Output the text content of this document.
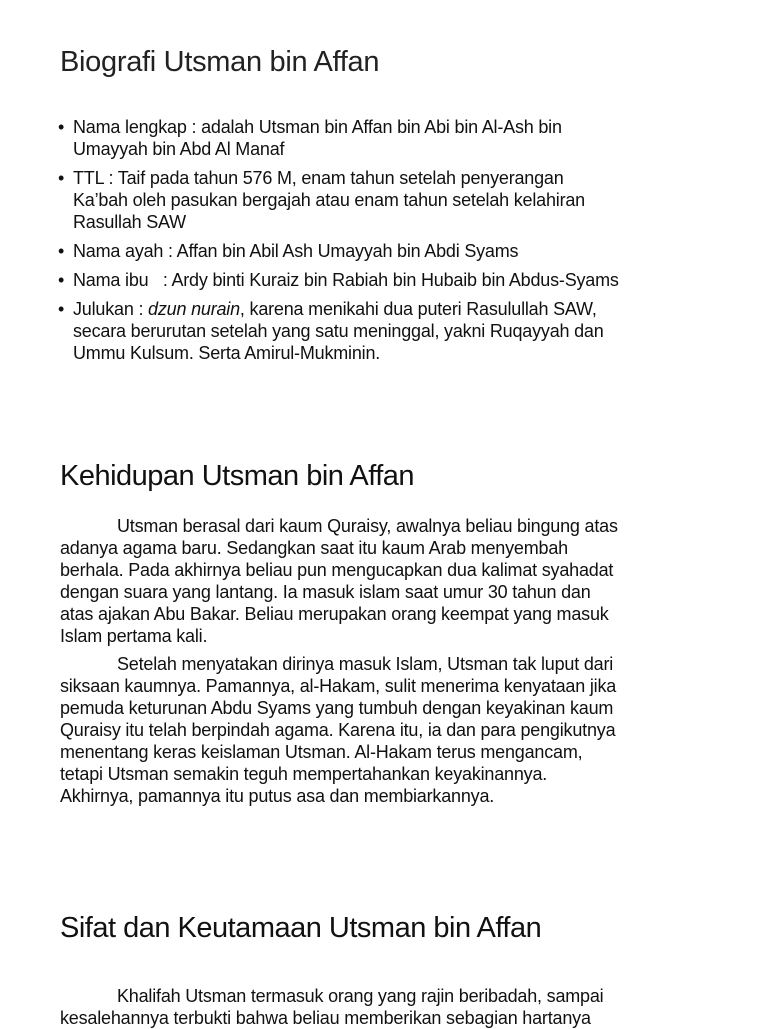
Biografi Utsman bin Affan
• Nama lengkap : adalah Utsman bin Affan bin Abi bin Al-Ash bin
Umayyah bin Abd Al Manaf
• TTL : Taif pada tahun 576 M, enam tahun setelah penyerangan
Ka’bah oleh pasukan bergajah atau enam tahun setelah kelahiran
Rasullah SAW
• Nama ayah : Affan bin Abil Ash Umayyah bin Abdi Syams
• Nama ibu   : Ardy binti Kuraiz bin Rabiah bin Hubaib bin Abdus-Syams
• Julukan : dzun nurain, karena menikahi dua puteri Rasulullah SAW,
secara berurutan setelah yang satu meninggal, yakni Ruqayyah dan
Ummu Kulsum. Serta Amirul-Mukminin.
Kehidupan Utsman bin Affan
Utsman berasal dari kaum Quraisy, awalnya beliau bingung atas
adanya agama baru. Sedangkan saat itu kaum Arab menyembah
berhala. Pada akhirnya beliau pun mengucapkan dua kalimat syahadat
dengan suara yang lantang. Ia masuk islam saat umur 30 tahun dan
atas ajakan Abu Bakar. Beliau merupakan orang keempat yang masuk
Islam pertama kali.
Setelah menyatakan dirinya masuk Islam, Utsman tak luput dari
siksaan kaumnya. Pamannya, al-Hakam, sulit menerima kenyataan jika
pemuda keturunan Abdu Syams yang tumbuh dengan keyakinan kaum
Quraisy itu telah berpindah agama. Karena itu, ia dan para pengikutnya
menentang keras keislaman Utsman. Al-Hakam terus mengancam,
tetapi Utsman semakin teguh mempertahankan keyakinannya.
Akhirnya, pamannya itu putus asa dan membiarkannya.
Sifat dan Keutamaan Utsman bin Affan
Khalifah Utsman termasuk orang yang rajin beribadah, sampai
kesalehannya terbukti bahwa beliau memberikan sebagian hartanya
